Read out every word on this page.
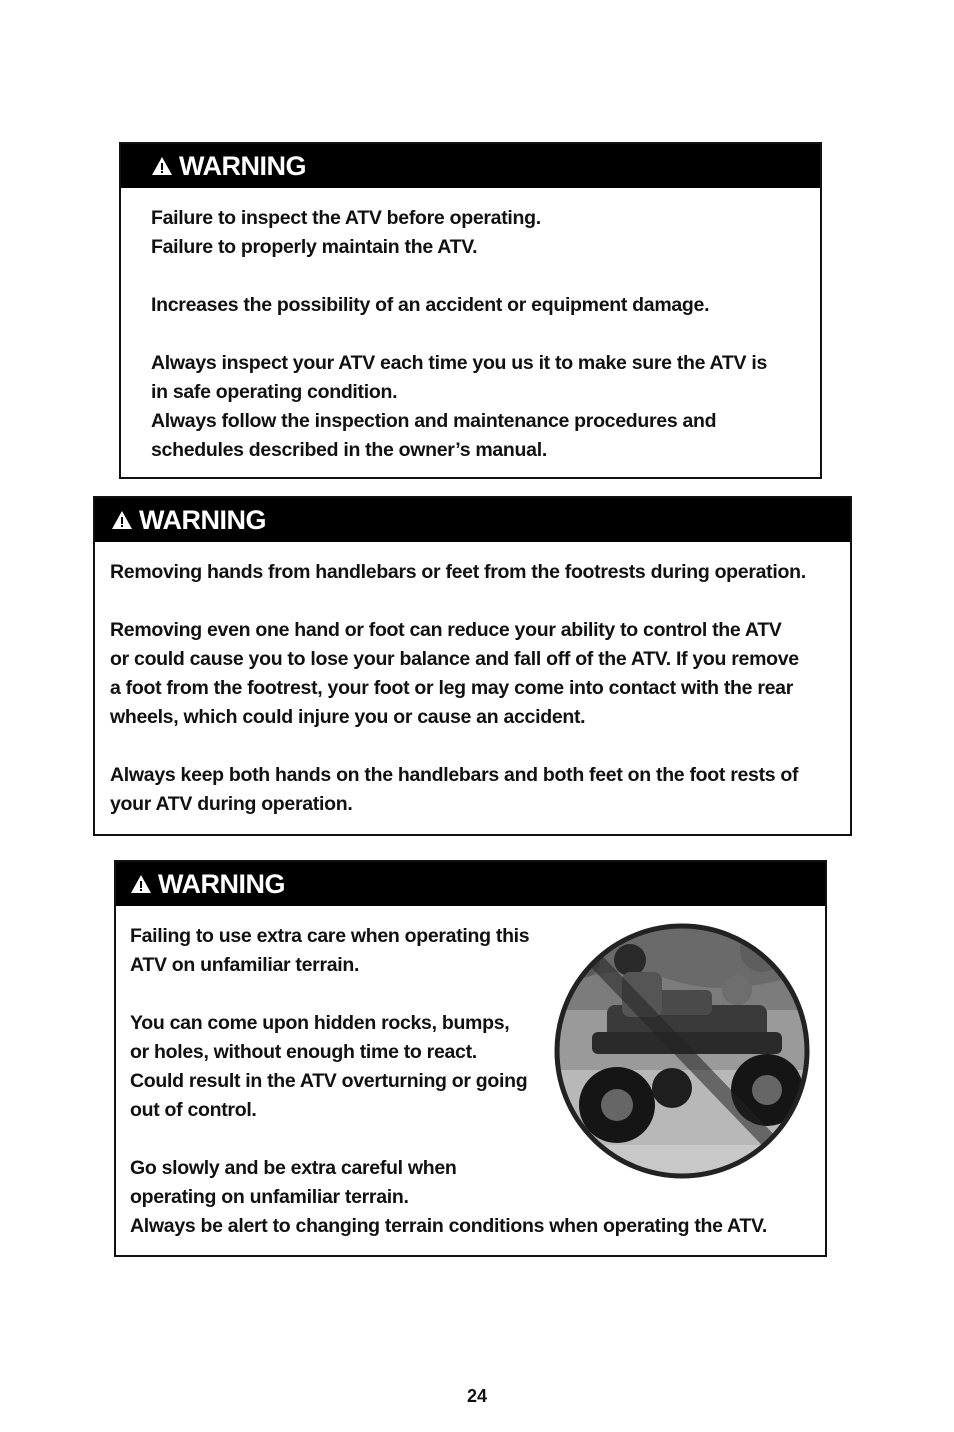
WARNING

Failure to inspect the ATV before operating.

Failure to properly maintain the ATV.

Increases the possibility of an accident or equipment damage.

Always inspect your ATV each time you us it to make sure the ATV is

in safe operating condition.

Always follow the inspection and maintenance procedures and

schedules described in the owner’s manual.

WARNING

Removing hands from handlebars or feet from the footrests during operation.

Removing even one hand or foot can reduce your ability to control the ATV

or could cause you to lose your balance and fall off of the ATV. If you remove

a foot from the footrest, your foot or leg may come into contact with the rear

wheels, which could injure you or cause an accident.

Always keep both hands on the handlebars and both feet on the foot rests of

your ATV during operation.

WARNING

Failing to use extra care when operating this

ATV on unfamiliar terrain.

You can come upon hidden rocks, bumps,

or holes, without enough time to react.

Could result in the ATV overturning or going

out of control.

Go slowly and be extra careful when

operating on unfamiliar terrain.

Always be alert to changing terrain conditions when operating the ATV.

24
